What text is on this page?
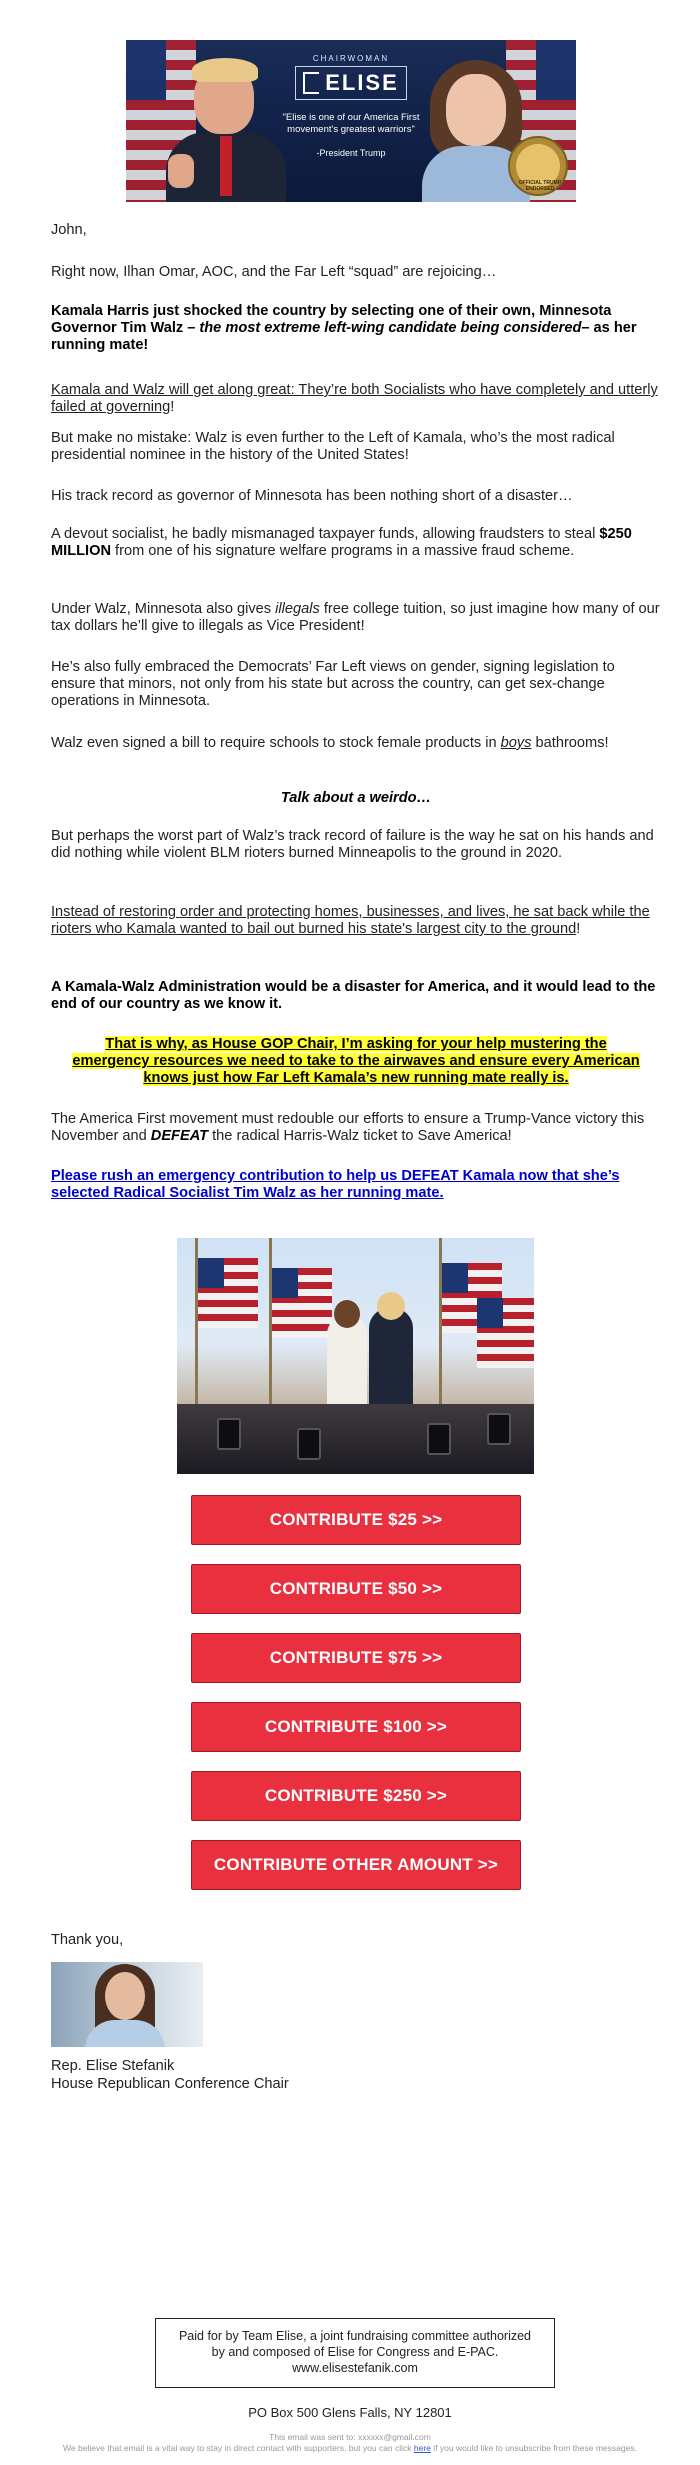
CHAIRWOMAN
ELISE
"Elise is one of our America First movement's greatest warriors"
-President Trump
OFFICIAL TRUMP ENDORSED

John,

Right now, Ilhan Omar, AOC, and the Far Left “squad” are rejoicing…

Kamala Harris just shocked the country by selecting one of their own, Minnesota Governor Tim Walz – the most extreme left-wing candidate being considered– as her running mate!

Kamala and Walz will get along great: They’re both Socialists who have completely and utterly failed at governing!

But make no mistake: Walz is even further to the Left of Kamala, who’s the most radical presidential nominee in the history of the United States!

His track record as governor of Minnesota has been nothing short of a disaster…

A devout socialist, he badly mismanaged taxpayer funds, allowing fraudsters to steal $250 MILLION from one of his signature welfare programs in a massive fraud scheme.

Under Walz, Minnesota also gives illegals free college tuition, so just imagine how many of our tax dollars he’ll give to illegals as Vice President!

He’s also fully embraced the Democrats’ Far Left views on gender, signing legislation to ensure that minors, not only from his state but across the country, can get sex-change operations in Minnesota.

Walz even signed a bill to require schools to stock female products in boys bathrooms!

Talk about a weirdo…

But perhaps the worst part of Walz’s track record of failure is the way he sat on his hands and did nothing while violent BLM rioters burned Minneapolis to the ground in 2020.

Instead of restoring order and protecting homes, businesses, and lives, he sat back while the rioters who Kamala wanted to bail out burned his state's largest city to the ground!

A Kamala-Walz Administration would be a disaster for America, and it would lead to the end of our country as we know it.

That is why, as House GOP Chair, I’m asking for your help mustering the emergency resources we need to take to the airwaves and ensure every American knows just how Far Left Kamala’s new running mate really is.

The America First movement must redouble our efforts to ensure a Trump-Vance victory this November and DEFEAT the radical Harris-Walz ticket to Save America!

Please rush an emergency contribution to help us DEFEAT Kamala now that she’s selected Radical Socialist Tim Walz as her running mate.

CONTRIBUTE $25 >>
CONTRIBUTE $50 >>
CONTRIBUTE $75 >>
CONTRIBUTE $100 >>
CONTRIBUTE $250 >>
CONTRIBUTE OTHER AMOUNT >>

Thank you,

Rep. Elise Stefanik

House Republican Conference Chair

Paid for by Team Elise, a joint fundraising committee authorized by and composed of Elise for Congress and E-PAC. www.elisestefanik.com
PO Box 500 Glens Falls, NY 12801
This email was sent to: xxxxxx@gmail.com
We believe that email is a vital way to stay in direct contact with supporters, but you can click here if you would like to unsubscribe from these messages.
